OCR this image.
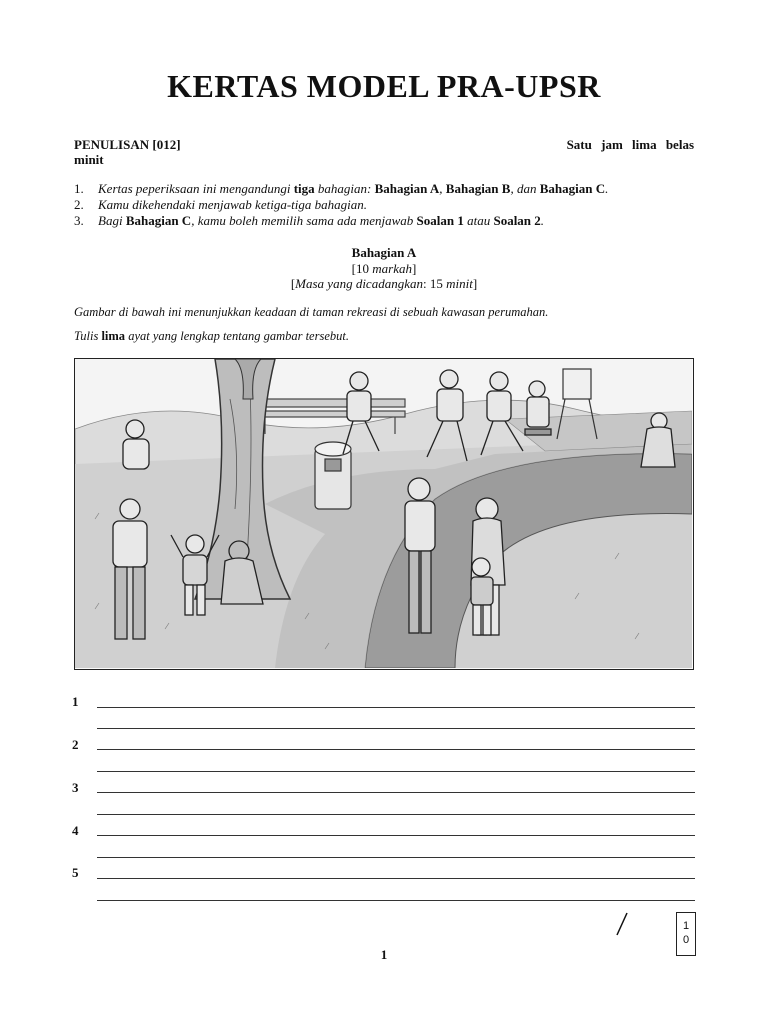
KERTAS MODEL PRA-UPSR
PENULISAN [012]	Satu jam lima belas
minit
1. Kertas peperiksaan ini mengandungi tiga bahagian: Bahagian A, Bahagian B, dan Bahagian C.
2. Kamu dikehendaki menjawab ketiga-tiga bahagian.
3. Bagi Bahagian C, kamu boleh memilih sama ada menjawab Soalan 1 atau Soalan 2.
Bahagian A
[10 markah]
[Masa yang dicadangkan: 15 minit]
Gambar di bawah ini menunjukkan keadaan di taman rekreasi di sebuah kawasan perumahan.
Tulis lima ayat yang lengkap tentang gambar tersebut.
1
2
3
4
5
1
0
1
